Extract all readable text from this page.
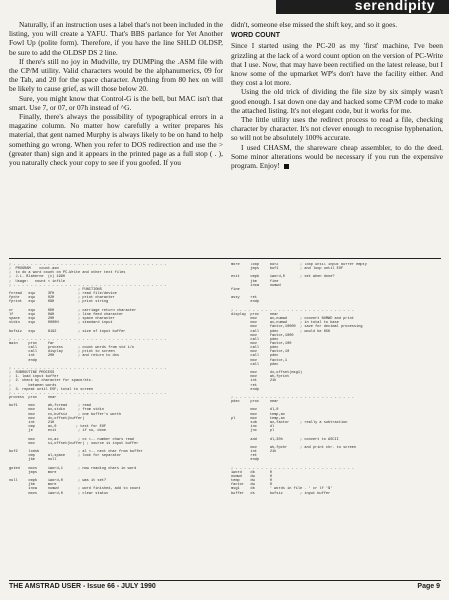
serendipity

Naturally, if an instruction uses a label that's not been included in the listing, you will create a YAFU. That's BBS parlance for Yet Another Fowl Up (polite form). Therefore, if you have the line SHLD OLDSP, be sure to add the OLDSP DS 2 line.

If there's still no joy in Mudville, try DUMPing the .ASM file with the CP/M utility. Valid characters would be the alphanumerics, 09 for the Tab, and 20 for the space character. Anything from 80 hex on will be likely to cause grief, as will those below 20.

Sure, you might know that Control-G is the bell, but MAC isn't that smart. Use 7, or 07, or 07h instead of ^G.

Finally, there's always the possibility of typographical errors in a magazine column. No matter how carefully a writer prepares his material, that gent named Murphy is always likely to be on hand to help something go wrong. When you refer to DOS redirection and use the > (greater than) sign and it appears in the printed page as a full stop ( . ), you naturally check your copy to see if you goofed. If you

didn't, someone else missed the shift key, and so it goes.

WORD COUNT

Since I started using the PC-20 as my 'first' machine, I've been grizzling at the lack of a word count option on the version of PC-Write that I use. Now, that may have been rectified on the latest release, but I know some of the upmarket WP's don't have the facility either. And they cost a lot more.

Using the old trick of dividing the file size by six simply wasn't good enough. I sat down one day and hacked some CP/M code to make the attached listing. It's not elegant code, but it works for me.

The little utility uses the redirect process to read a file, checking character by character. It's not clever enough to recognise hyphenation, so will not be absolutely 100% accurate.

I used CHASM, the shareware cheap assembler, to do the deed. Some minor alterations would be necessary if you run the expensive program. Enjoy!

; - - - - - - - - - - - - - - - - - - - - - - - - - - - - - - - - - - - -
;  PROGRAM    count.asm
;  to do a word count on PC-Write and other text files
;  J.L. Blaherne  (c) 1990
;  Usage:   count < infile
; - - - - - - - - - - - - - - - - - - - - - - - - - - - - - - - - - - - -
; FUNCTIONS
fcread   equ      3FH           ; read file/device
fpchr    equ      02H           ; print character
fprint   equ      09H           ; print string

cr       equ      0DH           ; carriage return character
lf       equ      0AH           ; line feed character
space    equ      20H           ; space character
stdin    equ      0000H         ; standard input

bufsiz   equ      8192          ; size of input buffer

; - - - - - - - - - - - - - - - - - - - - - - - - - - - - - - - - - - - -
main     proc     far
call     process       ; count words from std i/o
call     display       ; print to screen
int      20H           ; and return to dos
endp

; - - - - - - - - - - - - - - - - - - - - - - - - - - - - - - - - - - - -
;  SUBROUTINE PROCESS
;  1. load input buffer
;  2. check by character for space/etc.
;        between words
;  3. repeat until EOF, total to screen
; - - - - - - - - - - - - - - - - - - - - - - - - - - - - - - - - - - - -
process  proc     near

buf1     mov      ah,fcread     ; read
mov      bx,stdin      ; from stdin
mov      cx,bufsiz     ; one buffer's worth
mov      dx,offset(buffer)
int      21H
cmp      ax,0         ; test for EOF
je       exit          ; if so, done

mov      cx,ax         ; cx <-- number chars read
mov      si,offset(buffer) ; source is input buffer

buf2     lodsb                  ; al <-- next char from buffer
cmp      al,space      ; look for separator
jbe      null

goted    movs     iword,1       ; now reading chars in word
jmps     more

null     cmpb     iword,0       ; was it set?
jbe      more
incw     numwd         ; word finished, add to count
movs     iword,0       ; clear status
more     loop     buf2          ; loop until input buffer empty
jmps     buf1          ; and loop until EOF

exit     cmpb     iword,0       ; set when done?
jbe      fine
incw     numwd
fine

assy     ret
endp

; - - - - - - - - - - - - - - - - - - - - - - - - - - - -
display  proc     near
mov      ax,numwd      ; convert NUMWD and print
mov      ax,numwd      ; in total to base
mov      factor,10000  ; save for decimal processing
call     pdec          ; would be 65K
mov      factor,1000
call     pdec
mov      factor,100
call     pdec
mov      factor,10
call     pdec
mov      factor,1
call     pdec

mov      dx,offset(msg1)
mov      ah,fprint
int      21h
ret
endp

; - - - - - - - - - - - - - - - - - - - - - - - - - - - -
pdec     proc     near

mov      dl,0
mov      temp,ax
pl       mov      temp,ax
sub      ax,factor     ; really a subtraction
inc      dl
jnc      pl

add      dl,30h        ; convert to ASCII

mov      ah,fpchr      ; and print chr. to screen
int      21h
ret
endp

; - - - - - - - - - - - - - - - - - - - - - - - - - - - -
iword    db       0
numwd    dw       0
temp     dw       0
factor   dw       0
msg1     db       ' words in file . ' cr lf '$'
buffer   ds       bufsiz        ; input buffer
THE AMSTRAD USER - Issue 66 - JULY 1990	Page 9
